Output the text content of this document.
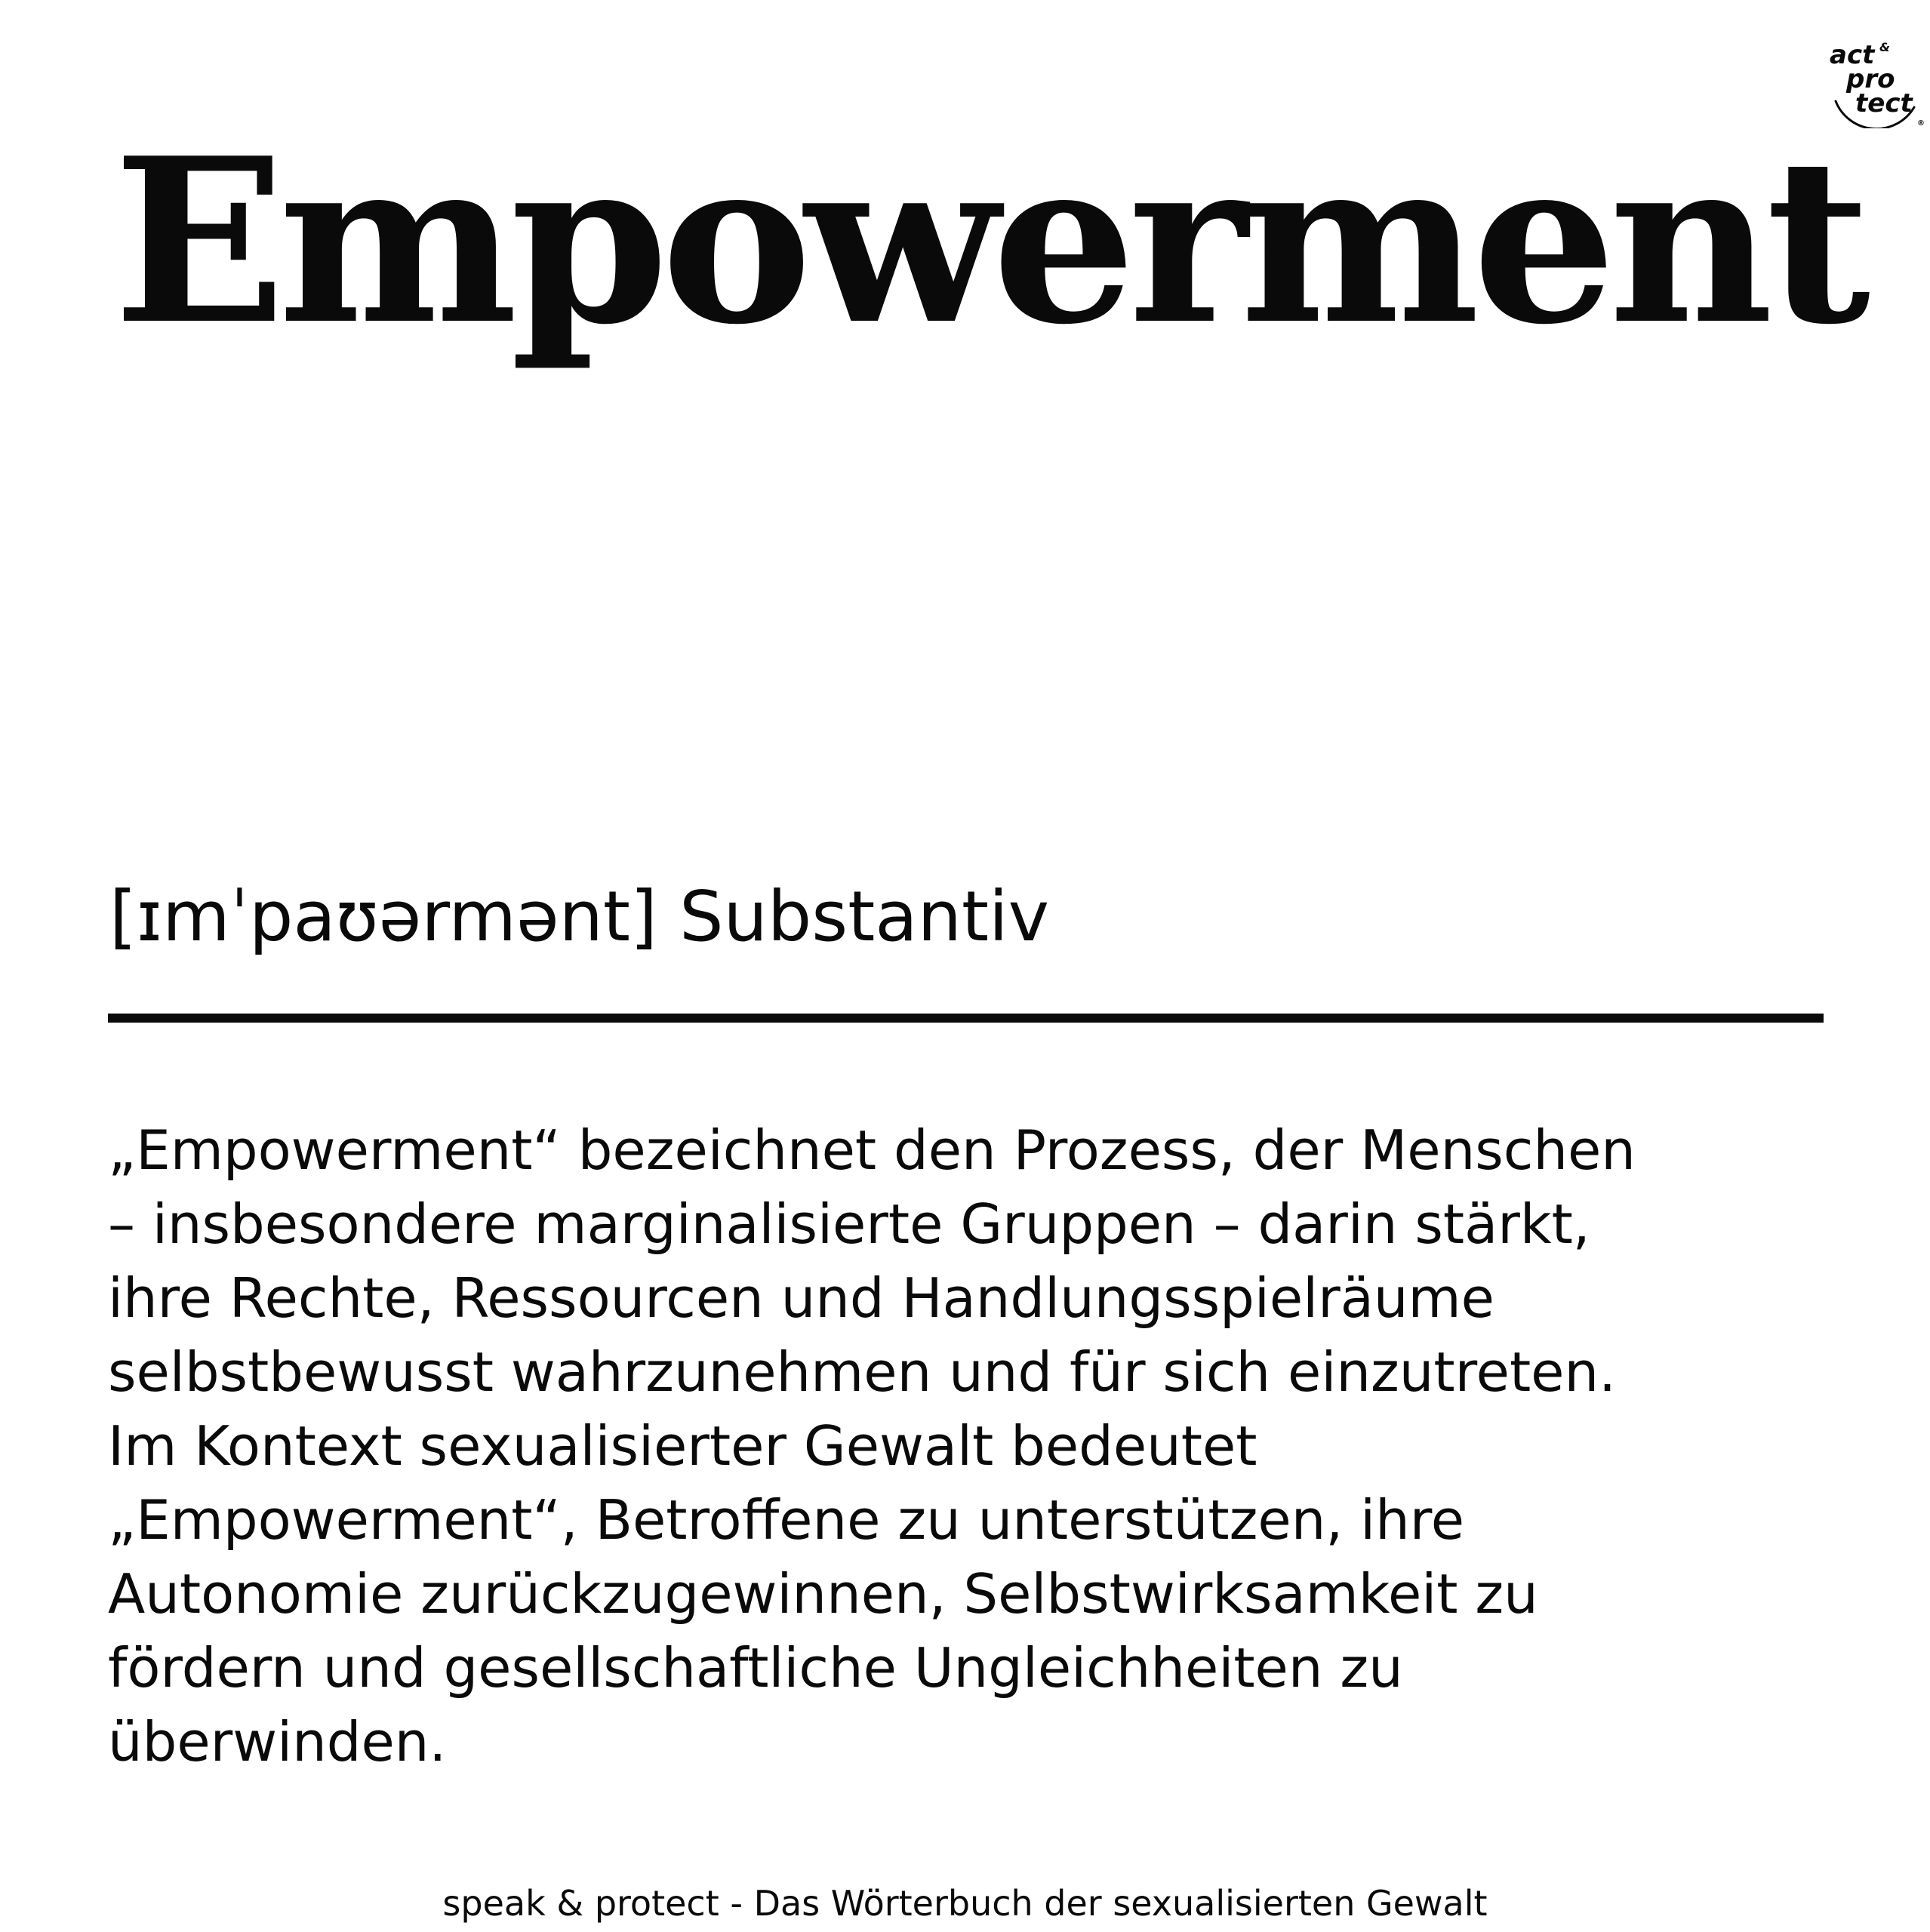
act &
pro
tect
®
Empowerment

[ɪmˈpaʊərmənt] Substantiv

„Empowerment“ bezeichnet den Prozess, der Menschen
– insbesondere marginalisierte Gruppen – darin stärkt,
ihre Rechte, Ressourcen und Handlungsspielräume
selbstbewusst wahrzunehmen und für sich einzutreten.
Im Kontext sexualisierter Gewalt bedeutet
„Empowerment“, Betroffene zu unterstützen, ihre
Autonomie zurückzugewinnen, Selbstwirksamkeit zu
fördern und gesellschaftliche Ungleichheiten zu
überwinden.

speak & protect - Das Wörterbuch der sexualisierten Gewalt
